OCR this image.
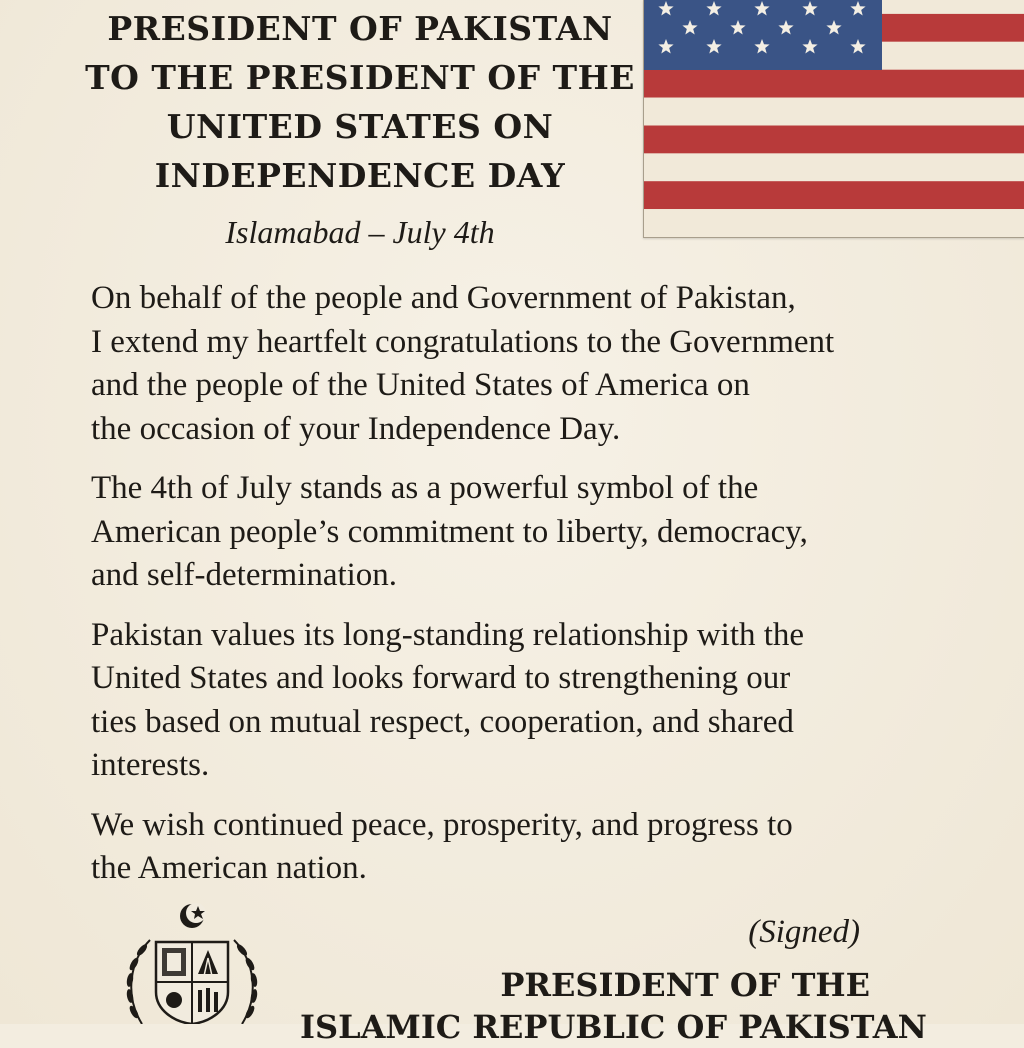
PRESIDENT OF PAKISTAN
TO THE PRESIDENT OF THE
UNITED STATES ON
INDEPENDENCE DAY
Islamabad – July 4th

On behalf of the people and Government of Pakistan,
I extend my heartfelt congratulations to the Government
and the people of the United States of America on
the occasion of your Independence Day.

The 4th of July stands as a powerful symbol of the
American people’s commitment to liberty, democracy,
and self-determination.

Pakistan values its long-standing relationship with the
United States and looks forward to strengthening our
ties based on mutual respect, cooperation, and shared
interests.

We wish continued peace, prosperity, and progress to
the American nation.

(Signed)
PRESIDENT OF THE
ISLAMIC REPUBLIC OF PAKISTAN
